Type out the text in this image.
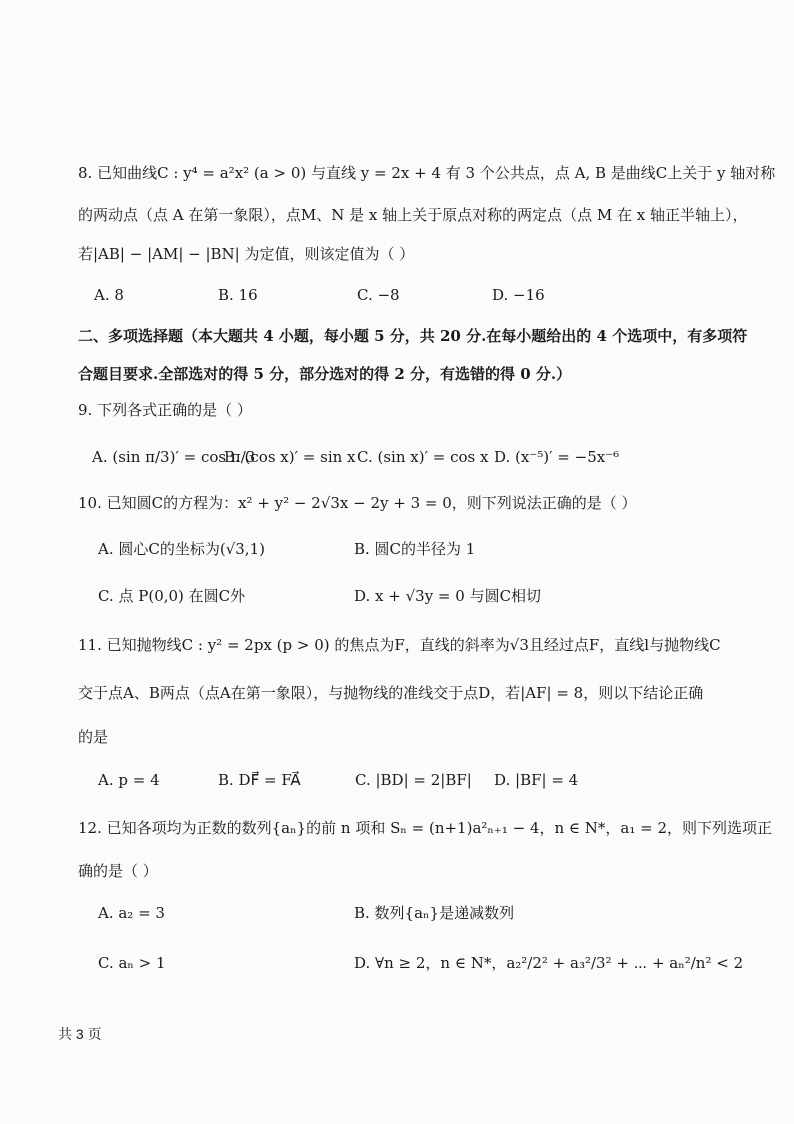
8. 已知曲线C : y⁴ = a²x² (a > 0) 与直线 y = 2x + 4 有 3 个公共点，点 A, B 是曲线C上关于 y 轴对称
的两动点（点 A 在第一象限），点M、N 是 x 轴上关于原点对称的两定点（点 M 在 x 轴正半轴上），
若|AB| − |AM| − |BN| 为定值，则该定值为（ ）
A. 8	B. 16	C. −8	D. −16
二、多项选择题（本大题共 4 小题，每小题 5 分，共 20 分.在每小题给出的 4 个选项中，有多项符
合题目要求.全部选对的得 5 分，部分选对的得 2 分，有选错的得 0 分.）
9. 下列各式正确的是（ ）
A. (sin π/3)′ = cos π/3
B. (cos x)′ = sin x C. (sin x)′ = cos x D. (x⁻⁵)′ = −5x⁻⁶
10. 已知圆C的方程为：x² + y² − 2√3x − 2y + 3 = 0，则下列说法正确的是（ ）
A. 圆心C的坐标为(√3,1)	B. 圆C的半径为 1
C. 点 P(0,0) 在圆C外	D. x + √3y = 0 与圆C相切
11. 已知抛物线C : y² = 2px (p > 0) 的焦点为F，直线的斜率为√3且经过点F，直线l与抛物线C
交于点A、B两点（点A在第一象限），与抛物线的准线交于点D，若|AF| = 8，则以下结论正确
的是
A. p = 4	B. DF⃗ = FA⃗	C. |BD| = 2|BF| D. |BF| = 4
12. 已知各项均为正数的数列{aₙ}的前 n 项和 Sₙ = (n+1)a²ₙ₊₁ − 4，n ∈ N*，a₁ = 2，则下列选项正
确的是（ ）
A. a₂ = 3	B. 数列{aₙ}是递减数列
C. aₙ > 1	D. ∀n ≥ 2，n ∈ N*，a₂²/2² + a₃²/3² + ⋯ + aₙ²/n² < 2
共 3 页
